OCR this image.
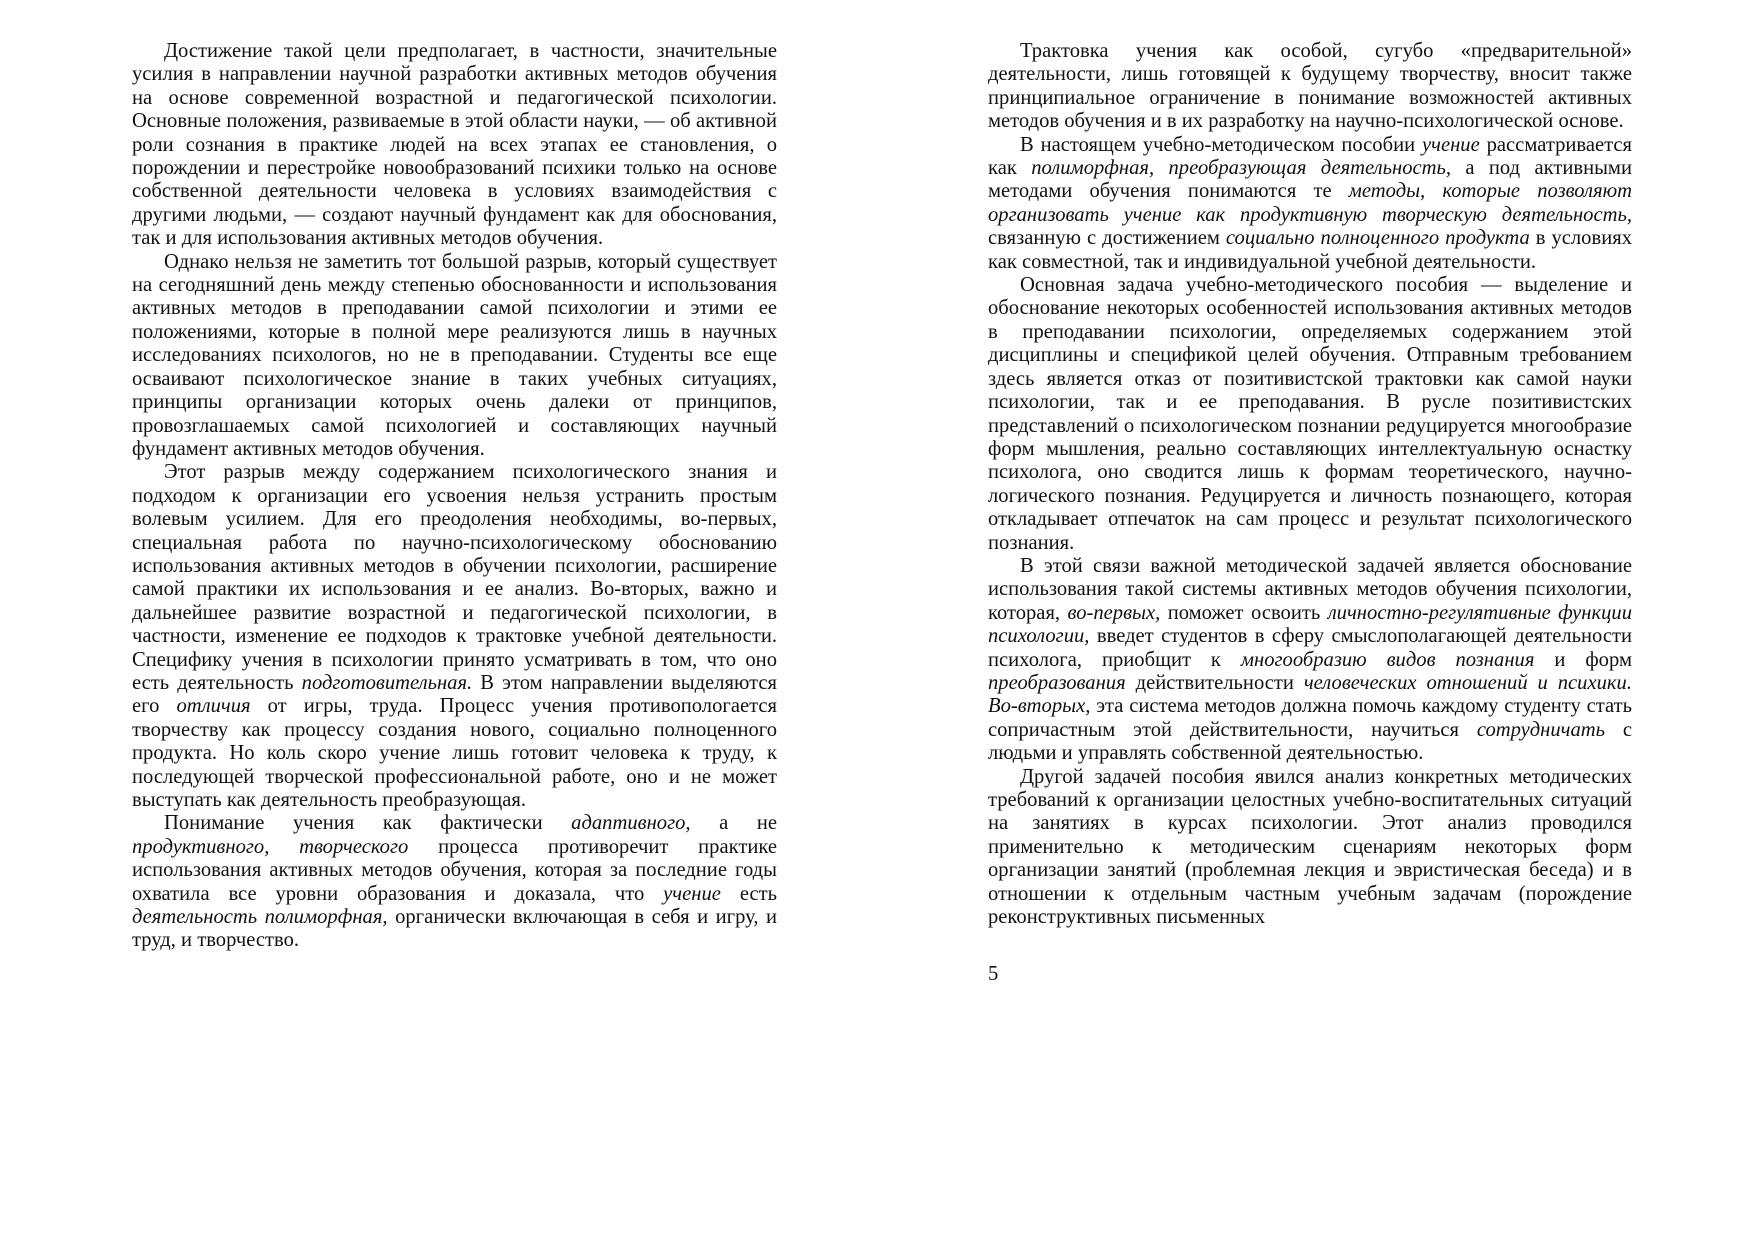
Достижение такой цели предполагает, в частности, значительные усилия в направлении научной разработки активных методов обучения на основе современной возрастной и педагогической психологии. Основные положения, развиваемые в этой области науки, — об активной роли сознания в практике людей на всех этапах ее становления, о порождении и перестройке новообразований психики только на основе собственной деятельности человека в условиях взаимодействия с другими людьми, — создают научный фундамент как для обоснования, так и для использования активных методов обучения.

Однако нельзя не заметить тот большой разрыв, который существует на сегодняшний день между степенью обоснованности и использования активных методов в преподавании самой психологии и этими ее положениями, которые в полной мере реализуются лишь в научных исследованиях психологов, но не в преподавании. Студенты все еще осваивают психологическое знание в таких учебных ситуациях, принципы организации которых очень далеки от принципов, провозглашаемых самой психологией и составляющих научный фундамент активных методов обучения.

Этот разрыв между содержанием психологического знания и подходом к организации его усвоения нельзя устранить простым волевым усилием. Для его преодоления необходимы, во-первых, специальная работа по научно-психологическому обоснованию использования активных методов в обучении психологии, расширение самой практики их использования и ее анализ. Во-вторых, важно и дальнейшее развитие возрастной и педагогической психологии, в частности, изменение ее подходов к трактовке учебной деятельности. Специфику учения в психологии принято усматривать в том, что оно есть деятельность подготовительная. В этом направлении выделяются его отличия от игры, труда. Процесс учения противопологается творчеству как процессу создания нового, социально полноценного продукта. Но коль скоро учение лишь готовит человека к труду, к последующей творческой профессиональной работе, оно и не может выступать как деятельность преобразующая.

Понимание учения как фактически адаптивного, а не продуктивного, творческого процесса противоречит практике использования активных методов обучения, которая за последние годы охватила все уровни образования и доказала, что учение есть деятельность полиморфная, органически включающая в себя и игру, и труд, и творчество.

Трактовка учения как особой, сугубо «предварительной» деятельности, лишь готовящей к будущему творчеству, вносит также принципиальное ограничение в понимание возможностей активных методов обучения и в их разработку на научно-психологической основе.

В настоящем учебно-методическом пособии учение рассматривается как полиморфная, преобразующая деятельность, а под активными методами обучения понимаются те методы, которые позволяют организовать учение как продуктивную творческую деятельность, связанную с достижением социально полноценного продукта в условиях как совместной, так и индивидуальной учебной деятельности.

Основная задача учебно-методического пособия — выделение и обоснование некоторых особенностей использования активных методов в преподавании психологии, определяемых содержанием этой дисциплины и спецификой целей обучения. Отправным требованием здесь является отказ от позитивистской трактовки как самой науки психологии, так и ее преподавания. В русле позитивистских представлений о психологическом познании редуцируется многообразие форм мышления, реально составляющих интеллектуальную оснастку психолога, оно сводится лишь к формам теоретического, научно-логического познания. Редуцируется и личность познающего, которая откладывает отпечаток на сам процесс и результат психологического познания.

В этой связи важной методической задачей является обоснование использования такой системы активных методов обучения психологии, которая, во-первых, поможет освоить личностно-регулятивные функции психологии, введет студентов в сферу смыслополагающей деятельности психолога, приобщит к многообразию видов познания и форм преобразования действительности человеческих отношений и психики. Во-вторых, эта система методов должна помочь каждому студенту стать сопричастным этой действительности, научиться сотрудничать с людьми и управлять собственной деятельностью.

Другой задачей пособия явился анализ конкретных методических требований к организации целостных учебно-воспитательных ситуаций на занятиях в курсах психологии. Этот анализ проводился применительно к методическим сценариям некоторых форм организации занятий (проблемная лекция и эвристическая беседа) и в отношении к отдельным частным учебным задачам (порождение реконструктивных письменных

5
